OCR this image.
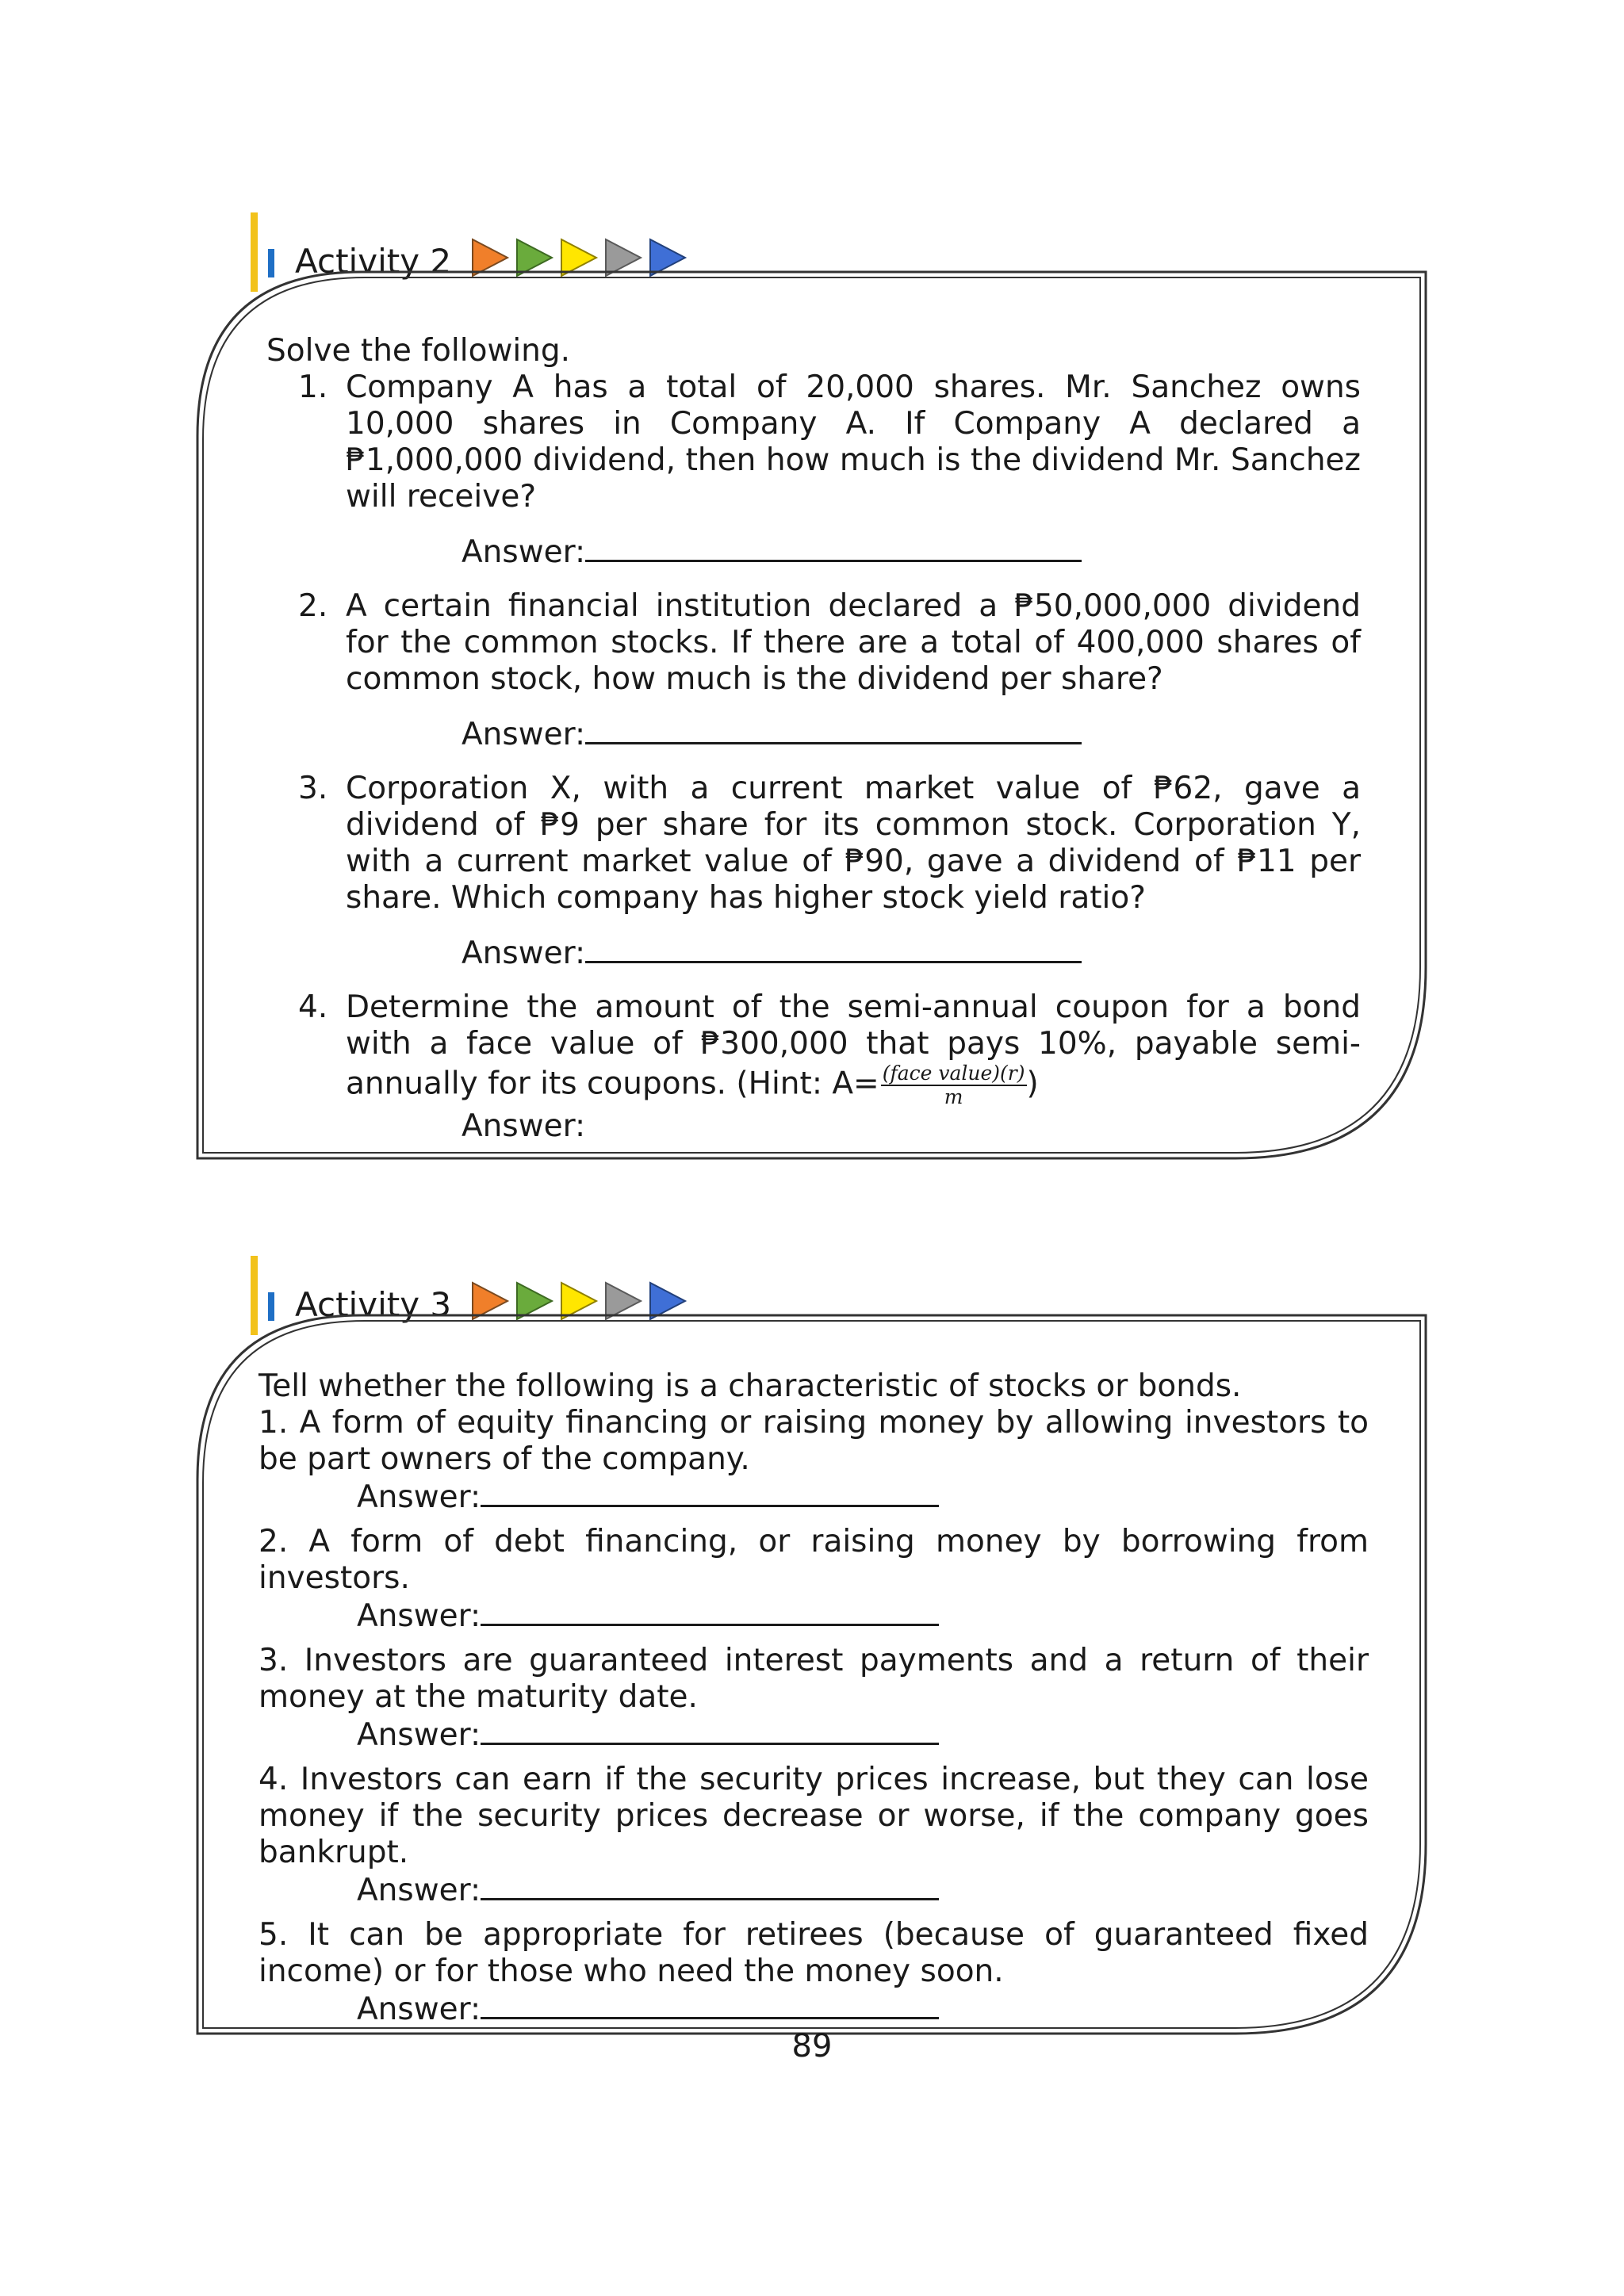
Activity 2
Solve the following.
1. Company A has a total of 20,000 shares. Mr. Sanchez owns 10,000 shares in Company A. If Company A declared a ₱1,000,000 dividend, then how much is the dividend Mr. Sanchez will receive?
Answer:
2. A certain financial institution declared a ₱50,000,000 dividend for the common stocks. If there are a total of 400,000 shares of common stock, how much is the dividend per share?
Answer:
3. Corporation X, with a current market value of ₱62, gave a dividend of ₱9 per share for its common stock. Corporation Y, with a current market value of ₱90, gave a dividend of ₱11 per share. Which company has higher stock yield ratio?
Answer:
4. Determine the amount of the semi-annual coupon for a bond with a face value of ₱300,000 that pays 10%, payable semi-annually for its coupons. (Hint: $A= \frac{\text{(face value)(r)}}{m}$ )
Answer:
Activity 3
Tell whether the following is a characteristic of stocks or bonds.
1. A form of equity financing or raising money by allowing investors to be part owners of the company.
Answer:
2. A form of debt financing, or raising money by borrowing from investors.
Answer:
3. Investors are guaranteed interest payments and a return of their money at the maturity date.
Answer:
4. Investors can earn if the security prices increase, but they can lose money if the security prices decrease or worse, if the company goes bankrupt.
Answer:
5. It can be appropriate for retirees (because of guaranteed fixed income) or for those who need the money soon.
Answer:
89
